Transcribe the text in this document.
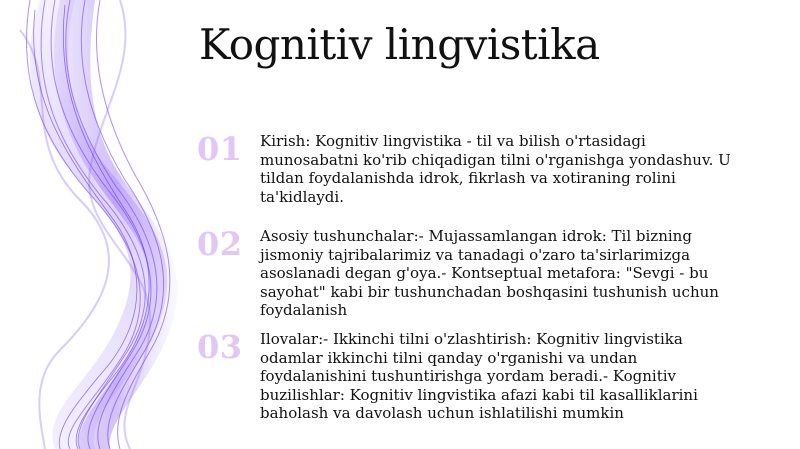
Kognitiv lingvistika
01 Kirish: Kognitiv lingvistika - til va bilish o'rtasidagi munosabatni ko'rib chiqadigan tilni o'rganishga yondashuv. U tildan foydalanishda idrok, fikrlash va xotiraning rolini ta'kidlaydi.
02 Asosiy tushunchalar:- Mujassamlangan idrok: Til bizning jismoniy tajribalarimiz va tanadagi o'zaro ta'sirlarimizga asoslanadi degan g'oya.- Kontseptual metafora: "Sevgi - bu sayohat" kabi bir tushunchadan boshqasini tushunish uchun foydalanish
03 Ilovalar:- Ikkinchi tilni o'zlashtirish: Kognitiv lingvistika odamlar ikkinchi tilni qanday o'rganishi va undan foydalanishini tushuntirishga yordam beradi.- Kognitiv buzilishlar: Kognitiv lingvistika afazi kabi til kasalliklarini baholash va davolash uchun ishlatilishi mumkin
